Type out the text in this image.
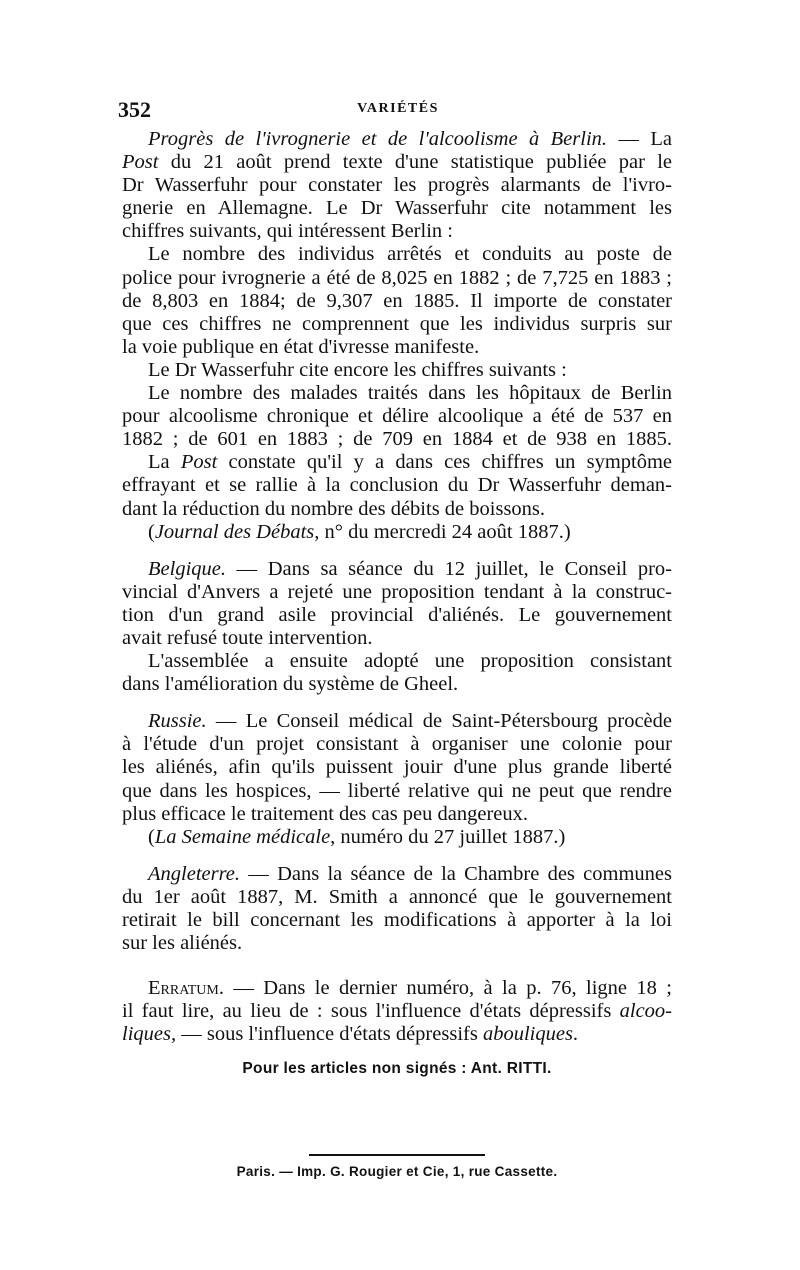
352	VARIÉTÉS
Progrès de l'ivrognerie et de l'alcoolisme à Berlin. — La
Post du 21 août prend texte d'une statistique publiée par le
Dr Wasserfuhr pour constater les progrès alarmants de l'ivro-
gnerie en Allemagne. Le Dr Wasserfuhr cite notamment les
chiffres suivants, qui intéressent Berlin :
Le nombre des individus arrêtés et conduits au poste de
police pour ivrognerie a été de 8,025 en 1882 ; de 7,725 en 1883 ;
de 8,803 en 1884; de 9,307 en 1885. Il importe de constater
que ces chiffres ne comprennent que les individus surpris sur
la voie publique en état d'ivresse manifeste.
Le Dr Wasserfuhr cite encore les chiffres suivants :
Le nombre des malades traités dans les hôpitaux de Berlin
pour alcoolisme chronique et délire alcoolique a été de 537 en
1882 ; de 601 en 1883 ; de 709 en 1884 et de 938 en 1885.
La Post constate qu'il y a dans ces chiffres un symptôme
effrayant et se rallie à la conclusion du Dr Wasserfuhr deman-
dant la réduction du nombre des débits de boissons.
(Journal des Débats, n° du mercredi 24 août 1887.)
Belgique. — Dans sa séance du 12 juillet, le Conseil pro-
vincial d'Anvers a rejeté une proposition tendant à la construc-
tion d'un grand asile provincial d'aliénés. Le gouvernement
avait refusé toute intervention.
L'assemblée a ensuite adopté une proposition consistant
dans l'amélioration du système de Gheel.
Russie. — Le Conseil médical de Saint-Pétersbourg procède
à l'étude d'un projet consistant à organiser une colonie pour
les aliénés, afin qu'ils puissent jouir d'une plus grande liberté
que dans les hospices, — liberté relative qui ne peut que rendre
plus efficace le traitement des cas peu dangereux.
(La Semaine médicale, numéro du 27 juillet 1887.)
Angleterre. — Dans la séance de la Chambre des communes
du 1er août 1887, M. Smith a annoncé que le gouvernement
retirait le bill concernant les modifications à apporter à la loi
sur les aliénés.
Erratum. — Dans le dernier numéro, à la p. 76, ligne 18 ;
il faut lire, au lieu de : sous l'influence d'états dépressifs alcoo-
liques, — sous l'influence d'états dépressifs abouliques.
Pour les articles non signés : Ant. RITTI.
Paris. — Imp. G. Rougier et Cie, 1, rue Cassette.
